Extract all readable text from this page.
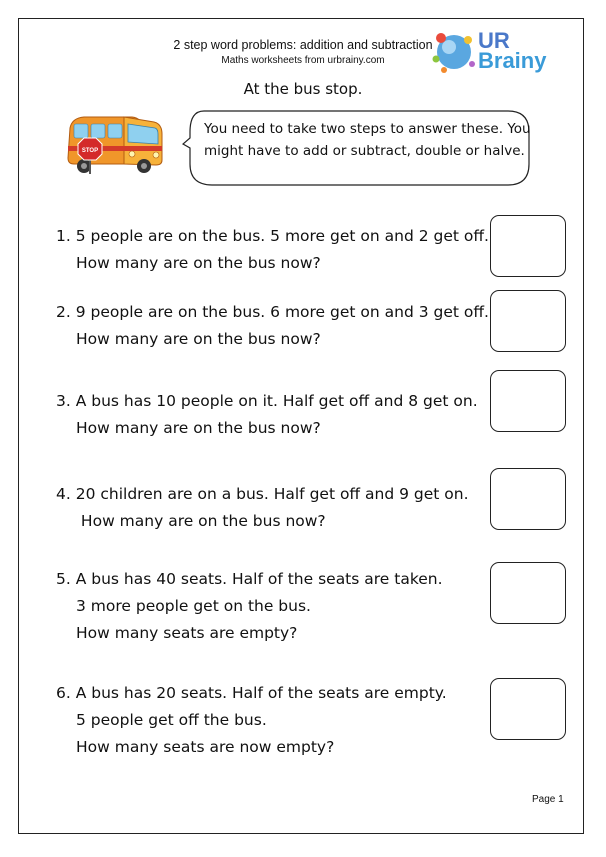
2 step word problems: addition and subtraction
Maths worksheets from urbrainy.com
UR
Brainy
At the bus stop.
STOP
You need to take two steps to answer these. You
might have to add or subtract, double or halve.
1. 5 people are on the bus. 5 more get on and 2 get off.
How many are on the bus now?
2. 9 people are on the bus. 6 more get on and 3 get off.
How many are on the bus now?
3. A bus has 10 people on it. Half get off and 8 get on.
How many are on the bus now?
4. 20 children are on a bus. Half get off and 9 get on.
How many are on the bus now?
5. A bus has 40 seats. Half of the seats are taken.
3 more people get on the bus.
How many seats are empty?
6. A bus has 20 seats. Half of the seats are empty.
5 people get off the bus.
How many seats are now empty?
Page 1
